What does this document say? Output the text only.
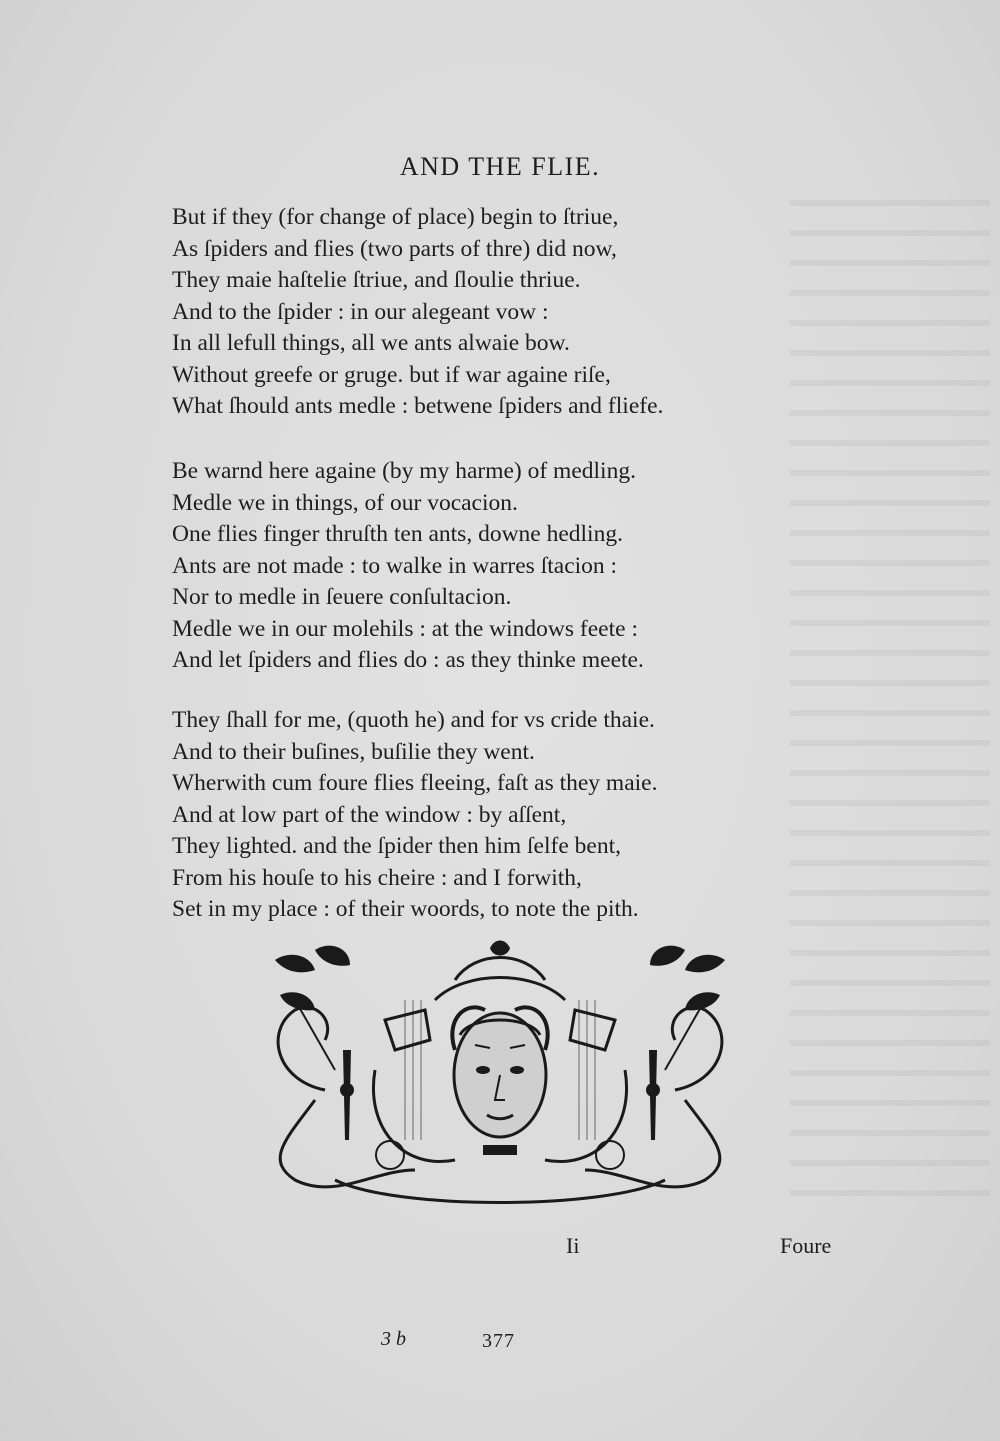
AND THE FLIE.
But if they (for change of place) begin to ſtriue,
As ſpiders and flies (two parts of thre) did now,
They maie haſtelie ſtriue, and ſloulie thriue.
And to the ſpider : in our alegeant vow :
In all lefull things, all we ants alwaie bow.
Without greefe or gruge. but if war againe riſe,
What ſhould ants medle : betwene ſpiders and fliefe.
Be warnd here againe (by my harme) of medling.
Medle we in things, of our vocacion.
One flies finger thruſth ten ants, downe hedling.
Ants are not made : to walke in warres ſtacion :
Nor to medle in ſeuere conſultacion.
Medle we in our molehils : at the windows feete :
And let ſpiders and flies do : as they thinke meete.
They ſhall for me, (quoth he) and for vs cride thaie.
And to their buſines, buſilie they went.
Wherwith cum foure flies fleeing, faſt as they maie.
And at low part of the window : by aſſent,
They lighted. and the ſpider then him ſelfe bent,
From his houſe to his cheire : and I forwith,
Set in my place : of their woords, to note the pith.
Ii	Foure
3 b	377
